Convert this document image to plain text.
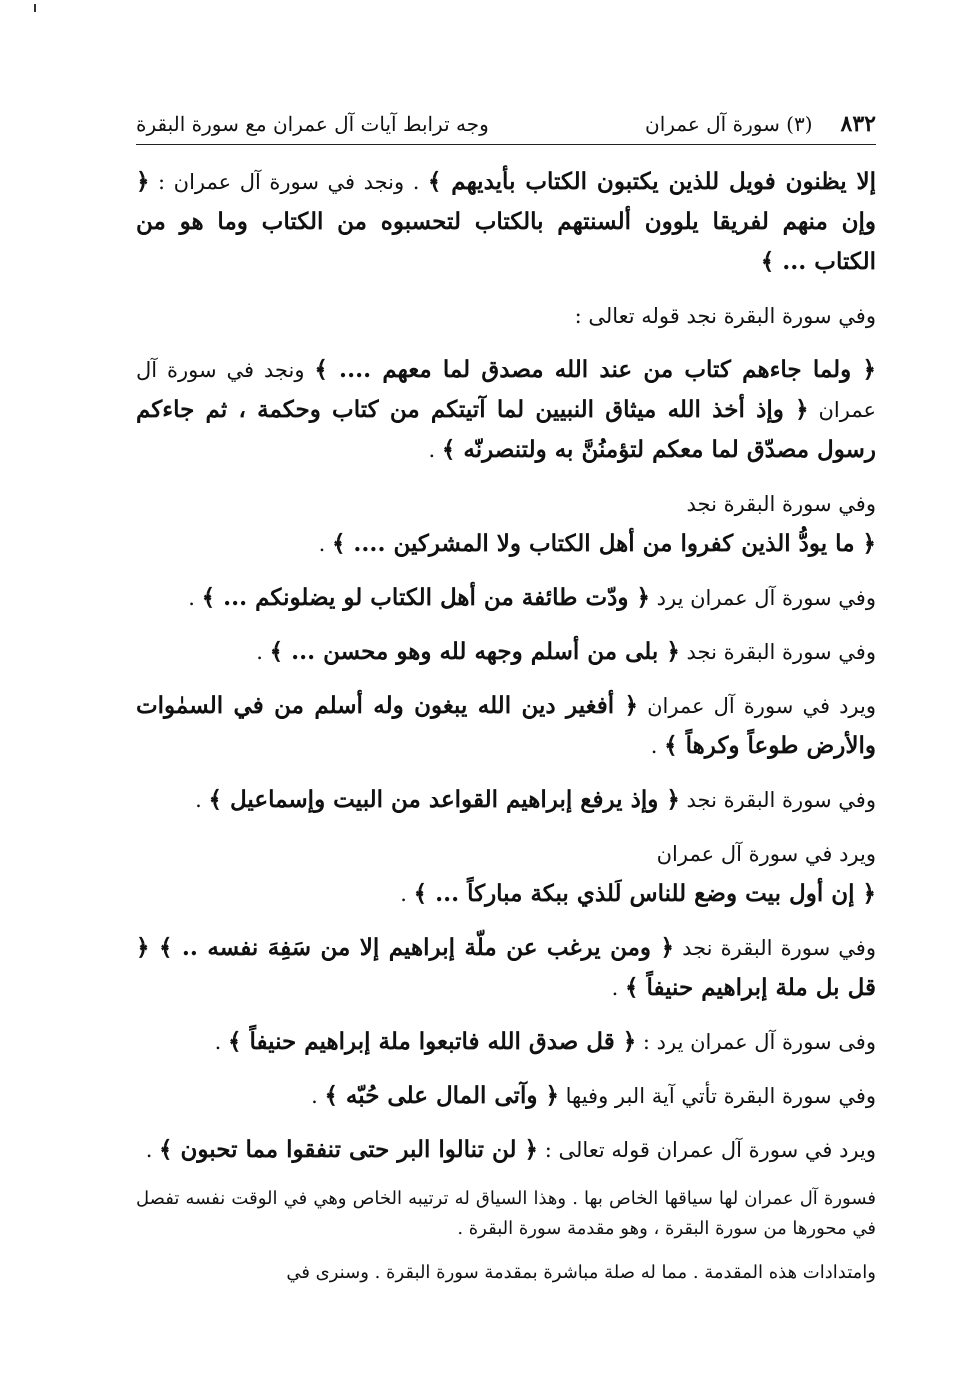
٨٣٢
(٣) سورة آل عمران
وجه ترابط آيات آل عمران مع سورة البقرة

إلا يظنون فويل للذين يكتبون الكتاب بأيديهم ﴾ . ونجد في سورة آل عمران : ﴿ وإن منهم لفريقا يلوون ألسنتهم بالكتاب لتحسبوه من الكتاب وما هو من الكتاب ... ﴾

وفي سورة البقرة نجد قوله تعالى :

﴿ ولما جاءهم كتاب من عند الله مصدق لما معهم .... ﴾ ونجد في سورة آل عمران ﴿ وإذ أخذ الله ميثاق النبيين لما آتيتكم من كتاب وحكمة ، ثم جاءكم رسول مصدّق لما معكم لتؤمنُنَّ به ولتنصرنّه ﴾ .

وفي سورة البقرة نجد

﴿ ما يودُّ الذين كفروا من أهل الكتاب ولا المشركين .... ﴾ .

وفي سورة آل عمران يرد ﴿ ودّت طائفة من أهل الكتاب لو يضلونكم ... ﴾ .

وفي سورة البقرة نجد ﴿ بلى من أسلم وجهه لله وهو محسن ... ﴾ .

ويرد في سورة آل عمران ﴿ أفغير دين الله يبغون وله أسلم من في السمٰوات والأرض طوعاً وكرهاً ﴾ .

وفي سورة البقرة نجد ﴿ وإذ يرفع إبراهيم القواعد من البيت وإسماعيل ﴾ .

ويرد في سورة آل عمران

﴿ إن أول بيت وضع للناس لَلذي ببكة مباركاً ... ﴾ .

وفي سورة البقرة نجد ﴿ ومن يرغب عن ملّة إبراهيم إلا من سَفِهَ نفسه .. ﴾ ﴿ قل بل ملة إبراهيم حنيفاً ﴾ .

وفى سورة آل عمران يرد : ﴿ قل صدق الله فاتبعوا ملة إبراهيم حنيفاً ﴾ .

وفي سورة البقرة تأتي آية البر وفيها ﴿ وآتى المال على حُبّه ﴾ .

ويرد في سورة آل عمران قوله تعالى : ﴿ لن تنالوا البر حتى تنفقوا مما تحبون ﴾ .

فسورة آل عمران لها سياقها الخاص بها . وهذا السياق له ترتيبه الخاص وهي في الوقت نفسه تفصل في محورها من سورة البقرة ، وهو مقدمة سورة البقرة .

وامتدادات هذه المقدمة . مما له صلة مباشرة بمقدمة سورة البقرة . وسنرى في
